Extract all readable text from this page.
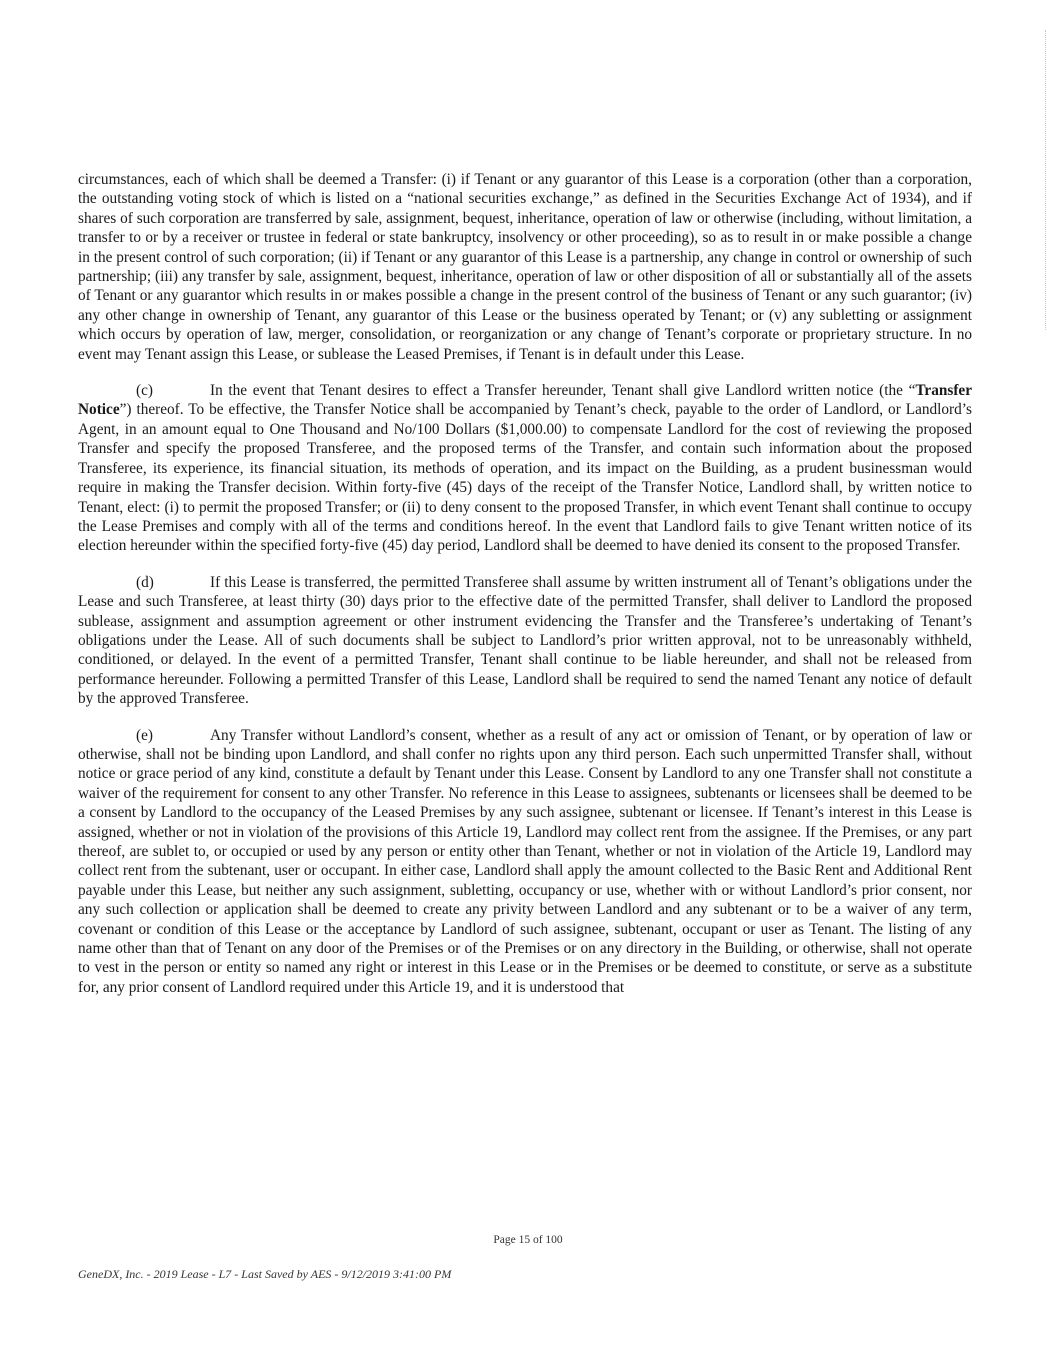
circumstances, each of which shall be deemed a Transfer: (i) if Tenant or any guarantor of this Lease is a corporation (other than a corporation, the outstanding voting stock of which is listed on a “national securities exchange,” as defined in the Securities Exchange Act of 1934), and if shares of such corporation are transferred by sale, assignment, bequest, inheritance, operation of law or otherwise (including, without limitation, a transfer to or by a receiver or trustee in federal or state bankruptcy, insolvency or other proceeding), so as to result in or make possible a change in the present control of such corporation; (ii) if Tenant or any guarantor of this Lease is a partnership, any change in control or ownership of such partnership; (iii) any transfer by sale, assignment, bequest, inheritance, operation of law or other disposition of all or substantially all of the assets of Tenant or any guarantor which results in or makes possible a change in the present control of the business of Tenant or any such guarantor; (iv) any other change in ownership of Tenant, any guarantor of this Lease or the business operated by Tenant; or (v) any subletting or assignment which occurs by operation of law, merger, consolidation, or reorganization or any change of Tenant’s corporate or proprietary structure. In no event may Tenant assign this Lease, or sublease the Leased Premises, if Tenant is in default under this Lease.

(c)	In the event that Tenant desires to effect a Transfer hereunder, Tenant shall give Landlord written notice (the “Transfer Notice”) thereof. To be effective, the Transfer Notice shall be accompanied by Tenant’s check, payable to the order of Landlord, or Landlord’s Agent, in an amount equal to One Thousand and No/100 Dollars ($1,000.00) to compensate Landlord for the cost of reviewing the proposed Transfer and specify the proposed Transferee, and the proposed terms of the Transfer, and contain such information about the proposed Transferee, its experience, its financial situation, its methods of operation, and its impact on the Building, as a prudent businessman would require in making the Transfer decision. Within forty-five (45) days of the receipt of the Transfer Notice, Landlord shall, by written notice to Tenant, elect: (i) to permit the proposed Transfer; or (ii) to deny consent to the proposed Transfer, in which event Tenant shall continue to occupy the Lease Premises and comply with all of the terms and conditions hereof. In the event that Landlord fails to give Tenant written notice of its election hereunder within the specified forty-five (45) day period, Landlord shall be deemed to have denied its consent to the proposed Transfer.

(d)	If this Lease is transferred, the permitted Transferee shall assume by written instrument all of Tenant’s obligations under the Lease and such Transferee, at least thirty (30) days prior to the effective date of the permitted Transfer, shall deliver to Landlord the proposed sublease, assignment and assumption agreement or other instrument evidencing the Transfer and the Transferee’s undertaking of Tenant’s obligations under the Lease. All of such documents shall be subject to Landlord’s prior written approval, not to be unreasonably withheld, conditioned, or delayed. In the event of a permitted Transfer, Tenant shall continue to be liable hereunder, and shall not be released from performance hereunder. Following a permitted Transfer of this Lease, Landlord shall be required to send the named Tenant any notice of default by the approved Transferee.

(e)	Any Transfer without Landlord’s consent, whether as a result of any act or omission of Tenant, or by operation of law or otherwise, shall not be binding upon Landlord, and shall confer no rights upon any third person. Each such unpermitted Transfer shall, without notice or grace period of any kind, constitute a default by Tenant under this Lease. Consent by Landlord to any one Transfer shall not constitute a waiver of the requirement for consent to any other Transfer. No reference in this Lease to assignees, subtenants or licensees shall be deemed to be a consent by Landlord to the occupancy of the Leased Premises by any such assignee, subtenant or licensee. If Tenant’s interest in this Lease is assigned, whether or not in violation of the provisions of this Article 19, Landlord may collect rent from the assignee. If the Premises, or any part thereof, are sublet to, or occupied or used by any person or entity other than Tenant, whether or not in violation of the Article 19, Landlord may collect rent from the subtenant, user or occupant. In either case, Landlord shall apply the amount collected to the Basic Rent and Additional Rent payable under this Lease, but neither any such assignment, subletting, occupancy or use, whether with or without Landlord’s prior consent, nor any such collection or application shall be deemed to create any privity between Landlord and any subtenant or to be a waiver of any term, covenant or condition of this Lease or the acceptance by Landlord of such assignee, subtenant, occupant or user as Tenant. The listing of any name other than that of Tenant on any door of the Premises or of the Premises or on any directory in the Building, or otherwise, shall not operate to vest in the person or entity so named any right or interest in this Lease or in the Premises or be deemed to constitute, or serve as a substitute for, any prior consent of Landlord required under this Article 19, and it is understood that

Page 15 of 100
GeneDX, Inc. - 2019 Lease - L7 - Last Saved by AES - 9/12/2019 3:41:00 PM
